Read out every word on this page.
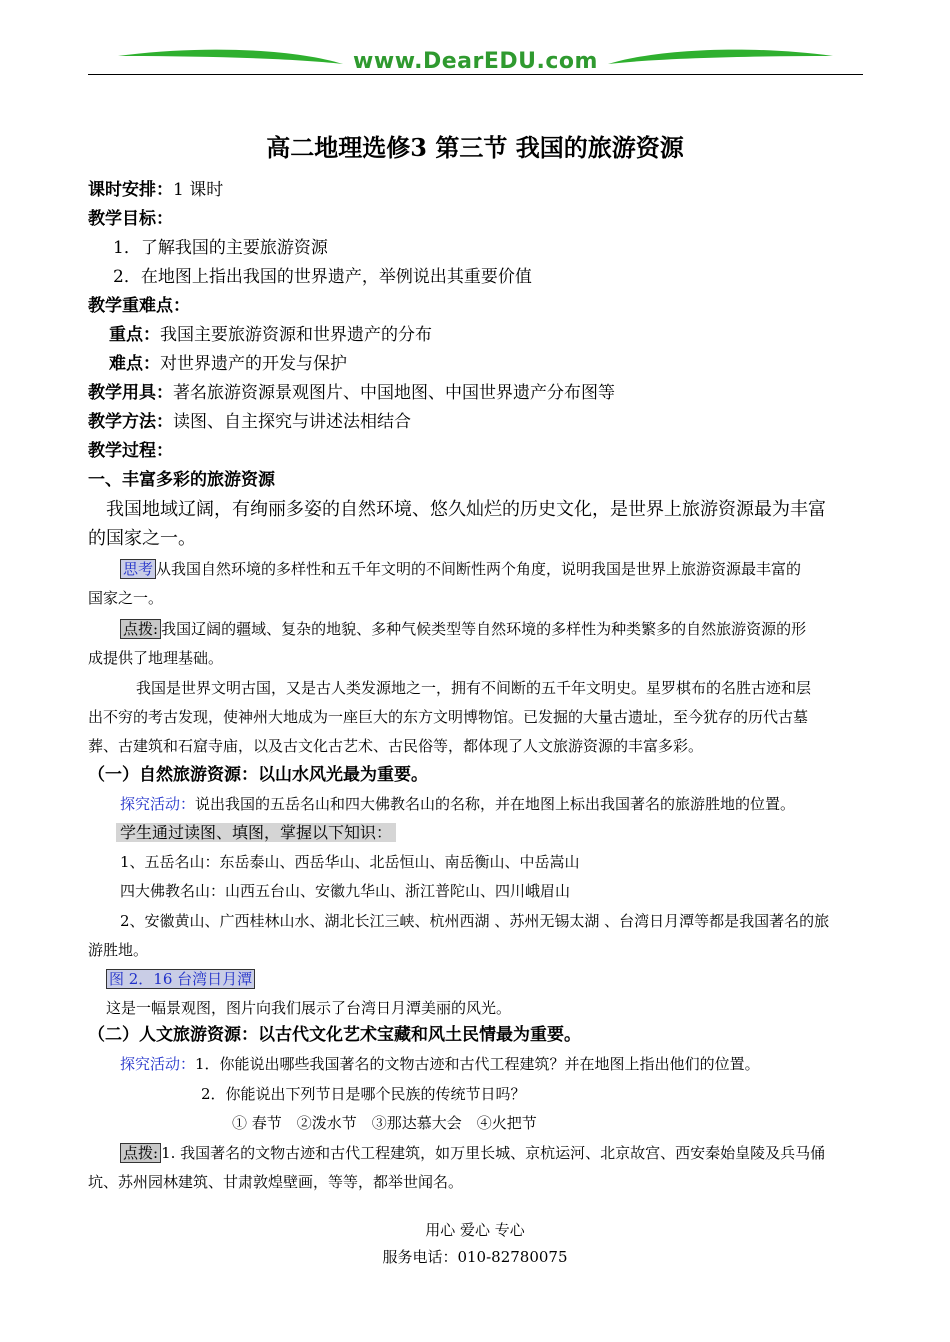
www.DearEDU.com
高二地理选修3 第三节 我国的旅游资源
课时安排：1 课时
教学目标：
1．了解我国的主要旅游资源
2．在地图上指出我国的世界遗产，举例说出其重要价值
教学重难点：
重点：我国主要旅游资源和世界遗产的分布
难点：对世界遗产的开发与保护
教学用具：著名旅游资源景观图片、中国地图、中国世界遗产分布图等
教学方法：读图、自主探究与讲述法相结合
教学过程：
一、丰富多彩的旅游资源
我国地域辽阔，有绚丽多姿的自然环境、悠久灿烂的历史文化，是世界上旅游资源最为丰富
的国家之一。
思考 从我国自然环境的多样性和五千年文明的不间断性两个角度，说明我国是世界上旅游资源最丰富的
国家之一。
点拨: 我国辽阔的疆域、复杂的地貌、多种气候类型等自然环境的多样性为种类繁多的自然旅游资源的形
成提供了地理基础。
我国是世界文明古国，又是古人类发源地之一，拥有不间断的五千年文明史。星罗棋布的名胜古迹和层
出不穷的考古发现，使神州大地成为一座巨大的东方文明博物馆。已发掘的大量古遗址，至今犹存的历代古墓
葬、古建筑和石窟寺庙，以及古文化古艺术、古民俗等，都体现了人文旅游资源的丰富多彩。
（一）自然旅游资源：以山水风光最为重要。
探究活动：说出我国的五岳名山和四大佛教名山的名称，并在地图上标出我国著名的旅游胜地的位置。
学生通过读图、填图，掌握以下知识：
1、五岳名山：东岳泰山、西岳华山、北岳恒山、南岳衡山、中岳嵩山
四大佛教名山：山西五台山、安徽九华山、浙江普陀山、四川峨眉山
2、安徽黄山、广西桂林山水、湖北长江三峡、杭州西湖 、苏州无锡太湖 、台湾日月潭等都是我国著名的旅
游胜地。
图 2．16 台湾日月潭
这是一幅景观图，图片向我们展示了台湾日月潭美丽的风光。
（二）人文旅游资源：以古代文化艺术宝藏和风土民情最为重要。
探究活动：1．你能说出哪些我国著名的文物古迹和古代工程建筑？并在地图上指出他们的位置。
2．你能说出下列节日是哪个民族的传统节日吗？
① 春节　②泼水节　③那达慕大会　④火把节
点拨: 1. 我国著名的文物古迹和古代工程建筑，如万里长城、京杭运河、北京故宫、西安秦始皇陵及兵马俑
坑、苏州园林建筑、甘肃敦煌壁画，等等，都举世闻名。
用心 爱心 专心
服务电话：010-82780075
